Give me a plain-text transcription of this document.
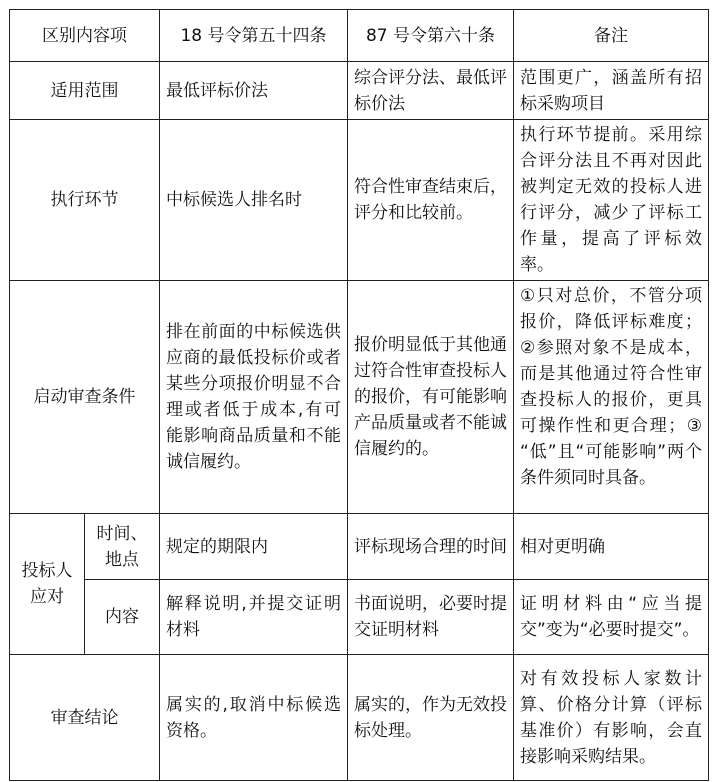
区别内容项		18 号令第五十四条	87 号令第六十条	备注
适用范围		最低评标价法	综合评分法、最低评标价法	范围更广，涵盖所有招标采购项目
执行环节		中标候选人排名时	符合性审查结束后，评分和比较前。	执行环节提前。采用综合评分法且不再对因此被判定无效的投标人进行评分，减少了评标工作量，提高了评标效率。
启动审查条件		排在前面的中标候选供应商的最低投标价或者某些分项报价明显不合理或者低于成本,有可能影响商品质量和不能诚信履约。	报价明显低于其他通过符合性审查投标人的报价，有可能影响产品质量或者不能诚信履约的。	①只对总价，不管分项报价，降低评标难度；②参照对象不是成本，而是其他通过符合性审查投标人的报价，更具可操作性和更合理；③ “低”且“可能影响”两个条件须同时具备。
投标人应对	时间、地点	规定的期限内	评标现场合理的时间	相对更明确
	内容	解释说明,并提交证明材料	书面说明，必要时提交证明材料	证明材料由“应当提交”变为“必要时提交”。
审查结论		属实的,取消中标候选资格。	属实的，作为无效投标处理。	对有效投标人家数计算、价格分计算（评标基准价）有影响，会直接影响采购结果。
